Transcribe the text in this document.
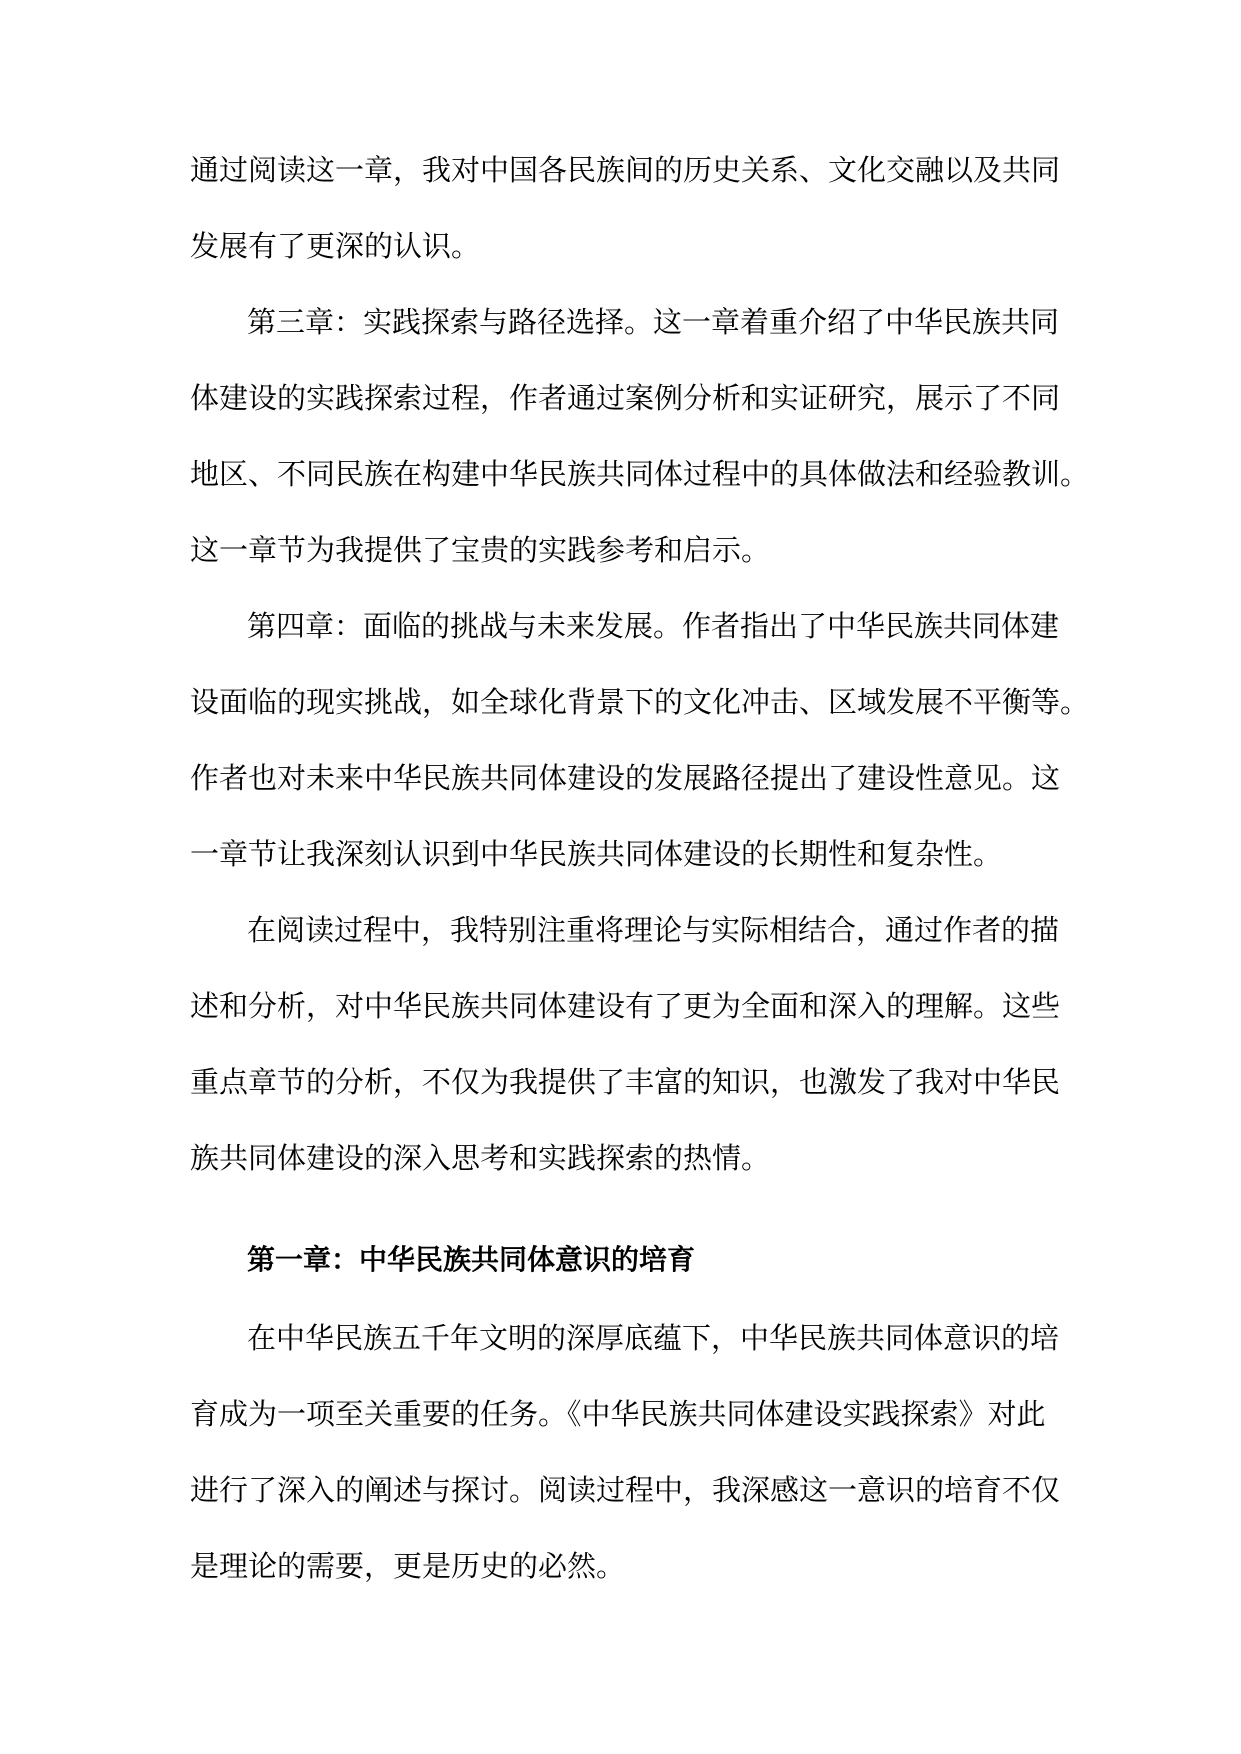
通过阅读这一章，我对中国各民族间的历史关系、文化交融以及共同

发展有了更深的认识。

第三章：实践探索与路径选择。这一章着重介绍了中华民族共同

体建设的实践探索过程，作者通过案例分析和实证研究，展示了不同

地区、不同民族在构建中华民族共同体过程中的具体做法和经验教训。

这一章节为我提供了宝贵的实践参考和启示。

第四章：面临的挑战与未来发展。作者指出了中华民族共同体建

设面临的现实挑战，如全球化背景下的文化冲击、区域发展不平衡等。

作者也对未来中华民族共同体建设的发展路径提出了建设性意见。这

一章节让我深刻认识到中华民族共同体建设的长期性和复杂性。

在阅读过程中，我特别注重将理论与实际相结合，通过作者的描

述和分析，对中华民族共同体建设有了更为全面和深入的理解。这些

重点章节的分析，不仅为我提供了丰富的知识，也激发了我对中华民

族共同体建设的深入思考和实践探索的热情。

第一章：中华民族共同体意识的培育

在中华民族五千年文明的深厚底蕴下，中华民族共同体意识的培

育成为一项至关重要的任务。《中华民族共同体建设实践探索》对此

进行了深入的阐述与探讨。阅读过程中，我深感这一意识的培育不仅

是理论的需要，更是历史的必然。
